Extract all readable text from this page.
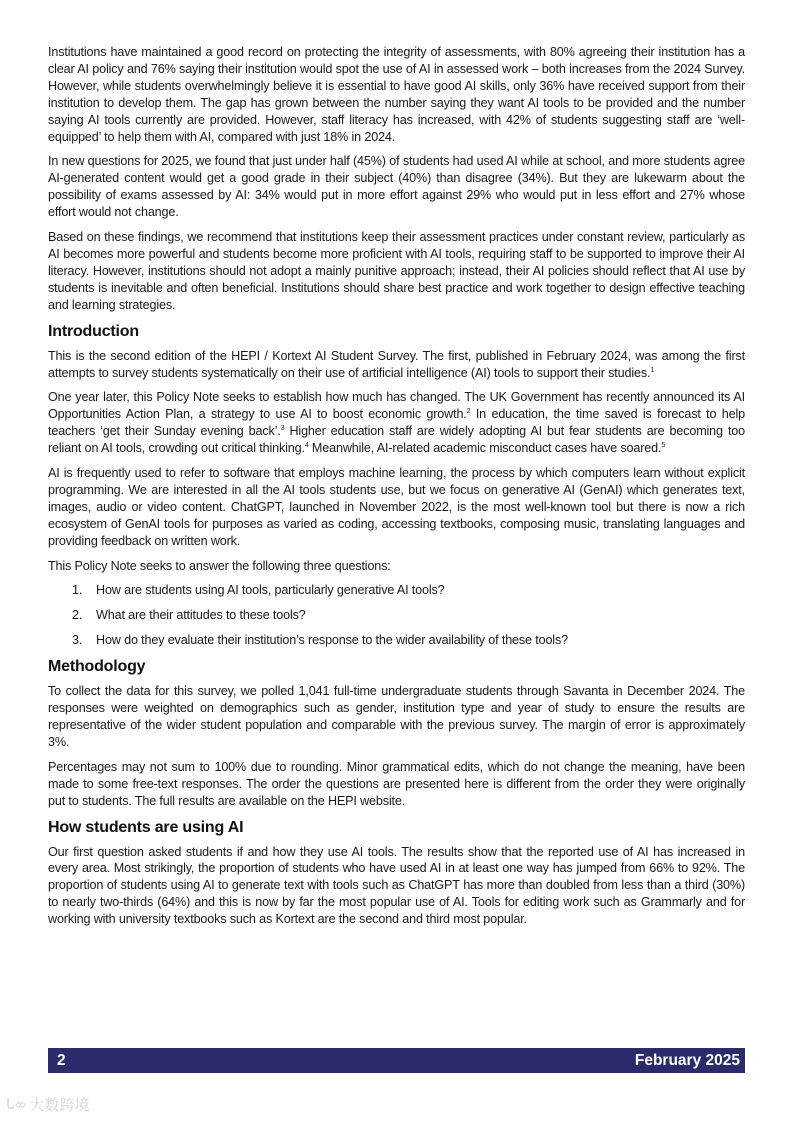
Institutions have maintained a good record on protecting the integrity of assessments, with 80% agreeing their institution has a clear AI policy and 76% saying their institution would spot the use of AI in assessed work – both increases from the 2024 Survey. However, while students overwhelmingly believe it is essential to have good AI skills, only 36% have received support from their institution to develop them. The gap has grown between the number saying they want AI tools to be provided and the number saying AI tools currently are provided. However, staff literacy has increased, with 42% of students suggesting staff are ‘well-equipped’ to help them with AI, compared with just 18% in 2024.

In new questions for 2025, we found that just under half (45%) of students had used AI while at school, and more students agree AI-generated content would get a good grade in their subject (40%) than disagree (34%). But they are lukewarm about the possibility of exams assessed by AI: 34% would put in more effort against 29% who would put in less effort and 27% whose effort would not change.

Based on these findings, we recommend that institutions keep their assessment practices under constant review, particularly as AI becomes more powerful and students become more proficient with AI tools, requiring staff to be supported to improve their AI literacy. However, institutions should not adopt a mainly punitive approach; instead, their AI policies should reflect that AI use by students is inevitable and often beneficial. Institutions should share best practice and work together to design effective teaching and learning strategies.

Introduction

This is the second edition of the HEPI / Kortext AI Student Survey. The first, published in February 2024, was among the first attempts to survey students systematically on their use of artificial intelligence (AI) tools to support their studies.$^1$

One year later, this Policy Note seeks to establish how much has changed. The UK Government has recently announced its AI Opportunities Action Plan, a strategy to use AI to boost economic growth.$^2$ In education, the time saved is forecast to help teachers ‘get their Sunday evening back’.$^3$ Higher education staff are widely adopting AI but fear students are becoming too reliant on AI tools, crowding out critical thinking.$^4$ Meanwhile, AI-related academic misconduct cases have soared.$^5$

AI is frequently used to refer to software that employs machine learning, the process by which computers learn without explicit programming. We are interested in all the AI tools students use, but we focus on generative AI (GenAI) which generates text, images, audio or video content. ChatGPT, launched in November 2022, is the most well-known tool but there is now a rich ecosystem of GenAI tools for purposes as varied as coding, accessing textbooks, composing music, translating languages and providing feedback on written work.

This Policy Note seeks to answer the following three questions:

1.	How are students using AI tools, particularly generative AI tools?
2.	What are their attitudes to these tools?
3.	How do they evaluate their institution’s response to the wider availability of these tools?
Methodology

To collect the data for this survey, we polled 1,041 full-time undergraduate students through Savanta in December 2024. The responses were weighted on demographics such as gender, institution type and year of study to ensure the results are representative of the wider student population and comparable with the previous survey. The margin of error is approximately 3%.

Percentages may not sum to 100% due to rounding. Minor grammatical edits, which do not change the meaning, have been made to some free-text responses. The order the questions are presented here is different from the order they were originally put to students. The full results are available on the HEPI website.

How students are using AI

Our first question asked students if and how they use AI tools. The results show that the reported use of AI has increased in every area. Most strikingly, the proportion of students who have used AI in at least one way has jumped from 66% to 92%. The proportion of students using AI to generate text with tools such as ChatGPT has more than doubled from less than a third (30%) to nearly two-thirds (64%) and this is now by far the most popular use of AI. Tools for editing work such as Grammarly and for working with university textbooks such as Kortext are the second and third most popular.

2	February 2025
ᒐ∞ 大数跨境
